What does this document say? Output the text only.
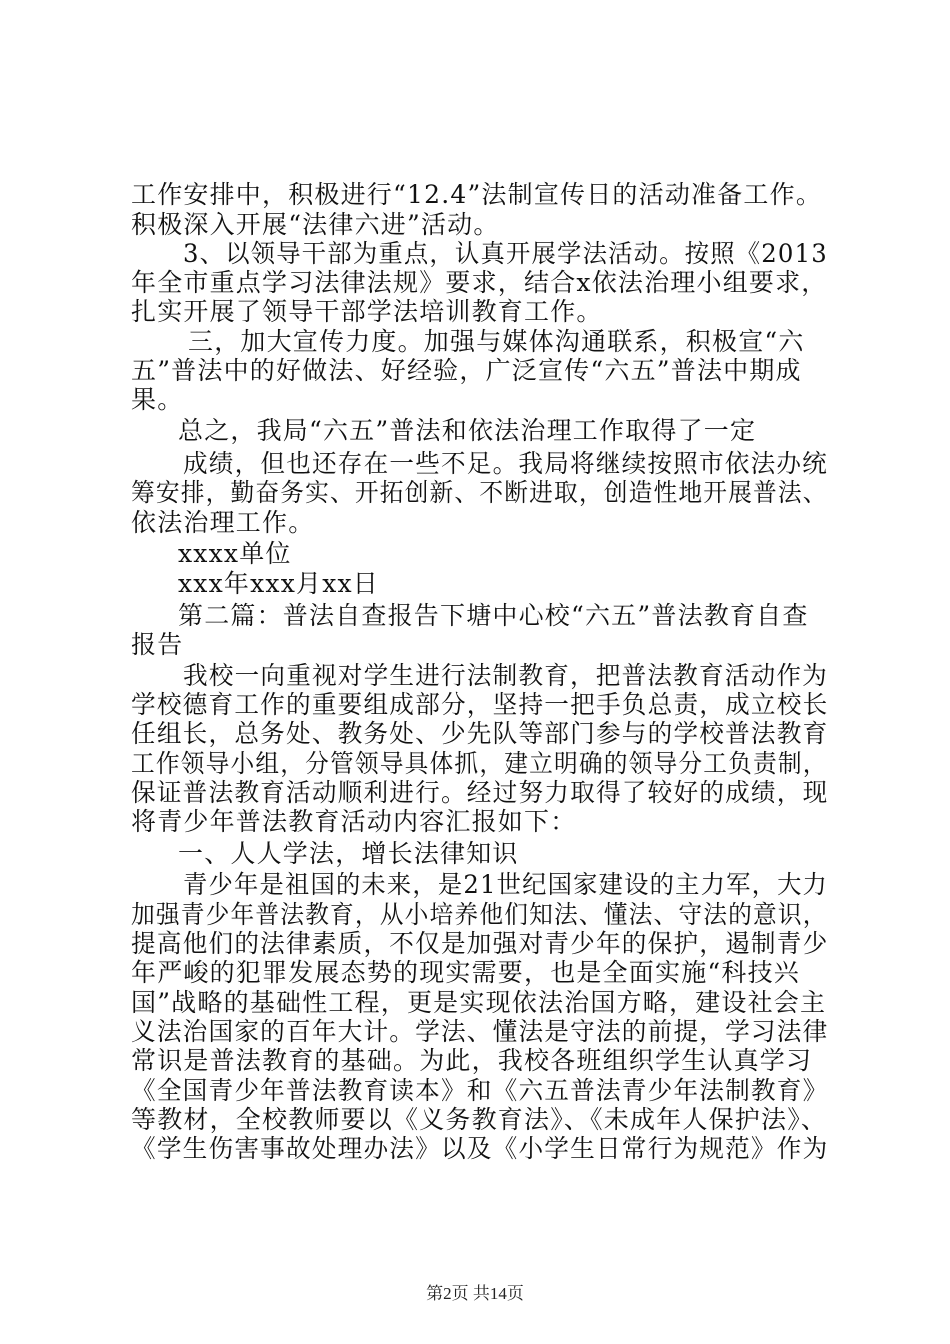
工作安排中，积极进行“12.4”法制宣传日的活动准备工作。
积极深入开展“法律六进”活动。
3、以领导干部为重点，认真开展学法活动。按照《2013
年全市重点学习法律法规》要求，结合x依法治理小组要求，
扎实开展了领导干部学法培训教育工作。
三，加大宣传力度。加强与媒体沟通联系，积极宣“六
五”普法中的好做法、好经验，广泛宣传“六五”普法中期成
果。
总之，我局“六五”普法和依法治理工作取得了一定
成绩，但也还存在一些不足。我局将继续按照市依法办统
筹安排，勤奋务实、开拓创新、不断进取，创造性地开展普法、
依法治理工作。
xxxx单位
xxx年xxx月xx日
第二篇：普法自查报告下塘中心校“六五”普法教育自查
报告
我校一向重视对学生进行法制教育，把普法教育活动作为
学校德育工作的重要组成部分，坚持一把手负总责，成立校长
任组长，总务处、教务处、少先队等部门参与的学校普法教育
工作领导小组，分管领导具体抓，建立明确的领导分工负责制，
保证普法教育活动顺利进行。经过努力取得了较好的成绩，现
将青少年普法教育活动内容汇报如下：
一、人人学法，增长法律知识
青少年是祖国的未来，是21世纪国家建设的主力军，大力
加强青少年普法教育，从小培养他们知法、懂法、守法的意识，
提高他们的法律素质，不仅是加强对青少年的保护，遏制青少
年严峻的犯罪发展态势的现实需要，也是全面实施“科技兴
国”战略的基础性工程，更是实现依法治国方略，建设社会主
义法治国家的百年大计。学法、懂法是守法的前提，学习法律
常识是普法教育的基础。为此，我校各班组织学生认真学习
《全国青少年普法教育读本》和《六五普法青少年法制教育》
等教材，全校教师要以《义务教育法》、《未成年人保护法》、
《学生伤害事故处理办法》以及《小学生日常行为规范》作为
第2页 共14页
